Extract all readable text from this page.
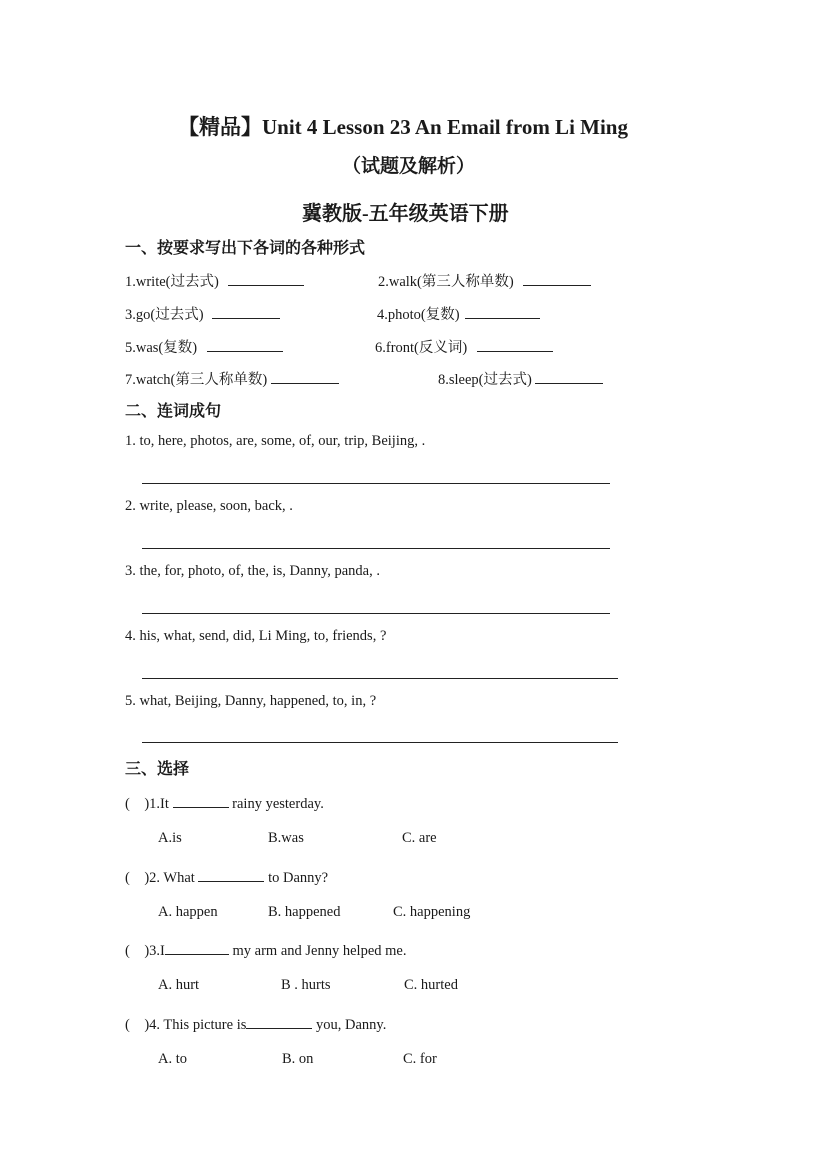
【精品】Unit 4 Lesson 23 An Email from Li Ming
（试题及解析）
冀教版-五年级英语下册
一、按要求写出下各词的各种形式
1.write(过去式)	2.walk(第三人称单数)
3.go(过去式)	4.photo(复数)
5.was(复数)	6.front(反义词)
7.watch(第三人称单数)	8.sleep(过去式)
二、连词成句
1. to, here, photos, are, some, of, our, trip, Beijing, .
2. write, please, soon, back, .
3. the, for, photo, of, the, is, Danny, panda, .
4. his, what, send, did, Li Ming, to, friends, ?
5. what, Beijing, Danny, happened, to, in, ?
三、选择
(    )1.It	rainy yesterday.
A.is	B.was	C. are
(    )2. What	to Danny?
A. happen	B. happened	C. happening
(    )3.I	my arm and Jenny helped me.
A. hurt	B . hurts	C. hurted
(    )4. This picture is	you, Danny.
A. to	B. on	C. for
